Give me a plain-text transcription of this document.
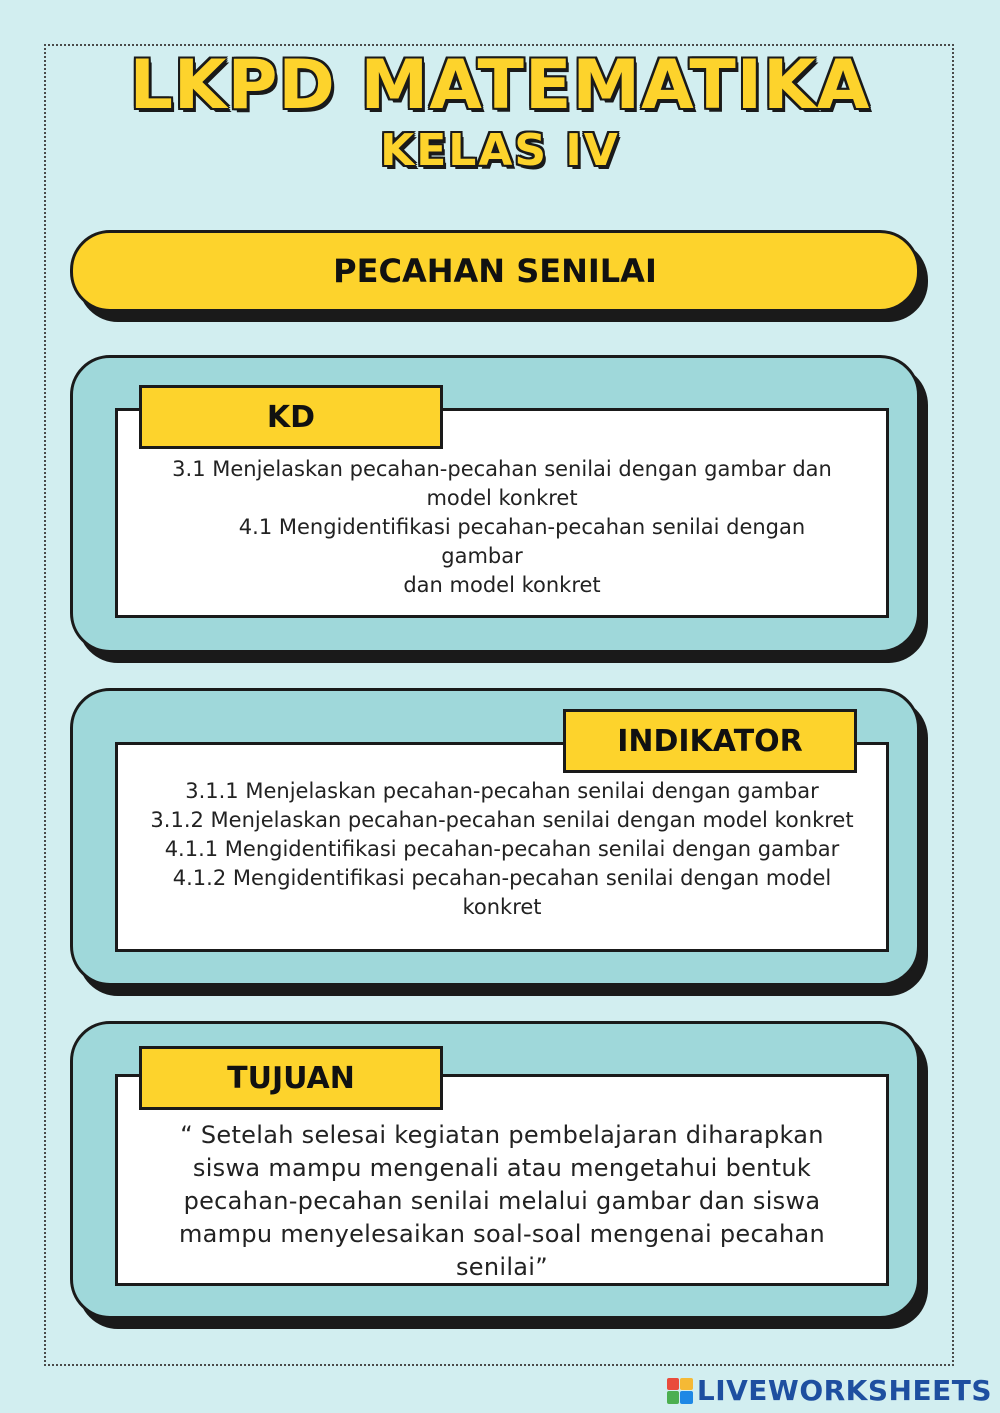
LKPD MATEMATIKA
KELAS IV
PECAHAN SENILAI

3.1 Menjelaskan pecahan-pecahan senilai dengan gambar dan

model konkret

4.1 Mengidentifikasi pecahan-pecahan senilai dengan

gambar

dan model konkret

KD

3.1.1 Menjelaskan pecahan-pecahan senilai dengan gambar

3.1.2 Menjelaskan pecahan-pecahan senilai dengan model konkret

4.1.1 Mengidentifikasi pecahan-pecahan senilai dengan gambar

4.1.2 Mengidentifikasi pecahan-pecahan senilai dengan model

konkret

INDIKATOR

“ Setelah selesai kegiatan pembelajaran diharapkan

siswa mampu mengenali atau mengetahui bentuk

pecahan-pecahan senilai melalui gambar dan siswa

mampu menyelesaikan soal-soal mengenai pecahan

senilai”

TUJUAN
LIVEWORKSHEETS
